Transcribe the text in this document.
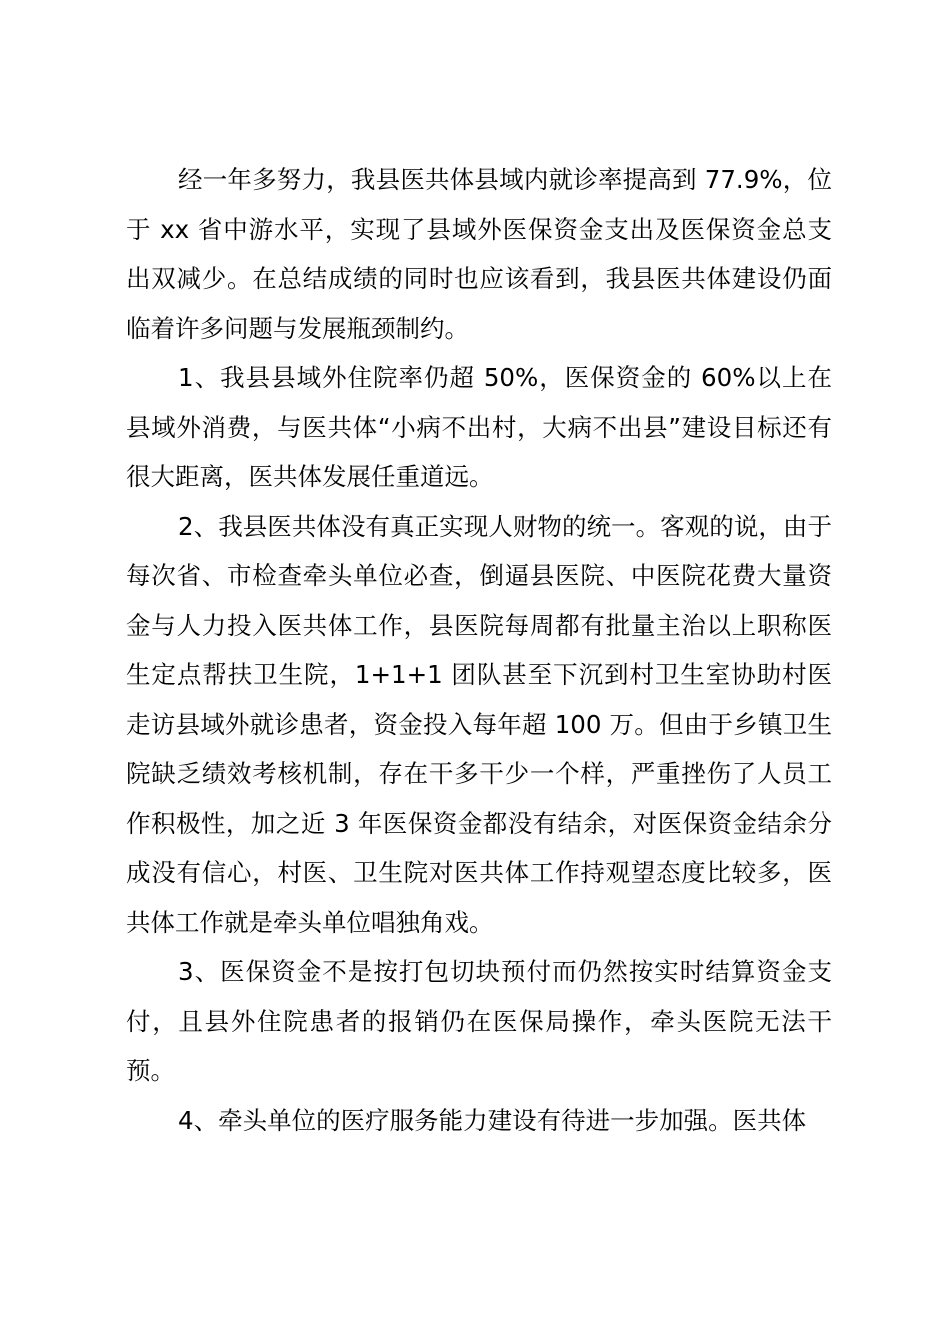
经一年多努力，我县医共体县域内就诊率提高到 77.9%，位于 xx 省中游水平，实现了县域外医保资金支出及医保资金总支出双减少。在总结成绩的同时也应该看到，我县医共体建设仍面临着许多问题与发展瓶颈制约。

1、我县县域外住院率仍超 50%，医保资金的 60%以上在县域外消费，与医共体“小病不出村，大病不出县”建设目标还有很大距离，医共体发展任重道远。

2、我县医共体没有真正实现人财物的统一。客观的说，由于每次省、市检查牵头单位必查，倒逼县医院、中医院花费大量资金与人力投入医共体工作，县医院每周都有批量主治以上职称医生定点帮扶卫生院，1+1+1 团队甚至下沉到村卫生室协助村医走访县域外就诊患者，资金投入每年超 100 万。但由于乡镇卫生院缺乏绩效考核机制，存在干多干少一个样，严重挫伤了人员工作积极性，加之近 3 年医保资金都没有结余，对医保资金结余分成没有信心，村医、卫生院对医共体工作持观望态度比较多，医共体工作就是牵头单位唱独角戏。

3、医保资金不是按打包切块预付而仍然按实时结算资金支付，且县外住院患者的报销仍在医保局操作，牵头医院无法干预。

4、牵头单位的医疗服务能力建设有待进一步加强。医共体
